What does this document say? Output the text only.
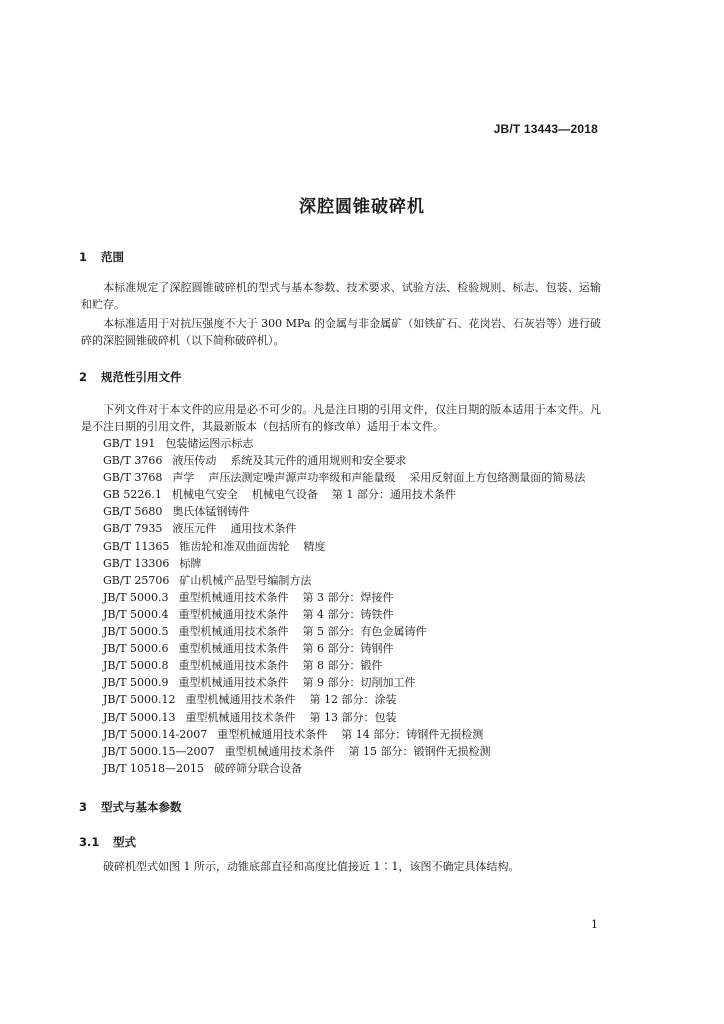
JB/T 13443—2018
深腔圆锥破碎机
1 范围
本标准规定了深腔圆锥破碎机的型式与基本参数、技术要求、试验方法、检验规则、标志、包装、运输和贮存。
本标准适用于对抗压强度不大于 300 MPa 的金属与非金属矿（如铁矿石、花岗岩、石灰岩等）进行破碎的深腔圆锥破碎机（以下简称破碎机）。
2 规范性引用文件
下列文件对于本文件的应用是必不可少的。凡是注日期的引用文件，仅注日期的版本适用于本文件。凡是不注日期的引用文件，其最新版本（包括所有的修改单）适用于本文件。
GB/T 191 包装储运图示标志
GB/T 3766 液压传动 系统及其元件的通用规则和安全要求
GB/T 3768 声学 声压法测定噪声源声功率级和声能量级 采用反射面上方包络测量面的简易法
GB 5226.1 机械电气安全 机械电气设备 第 1 部分：通用技术条件
GB/T 5680 奥氏体锰钢铸件
GB/T 7935 液压元件 通用技术条件
GB/T 11365 锥齿轮和准双曲面齿轮 精度
GB/T 13306 标牌
GB/T 25706 矿山机械产品型号编制方法
JB/T 5000.3 重型机械通用技术条件 第 3 部分：焊接件
JB/T 5000.4 重型机械通用技术条件 第 4 部分：铸铁件
JB/T 5000.5 重型机械通用技术条件 第 5 部分：有色金属铸件
JB/T 5000.6 重型机械通用技术条件 第 6 部分：铸钢件
JB/T 5000.8 重型机械通用技术条件 第 8 部分：锻件
JB/T 5000.9 重型机械通用技术条件 第 9 部分：切削加工件
JB/T 5000.12 重型机械通用技术条件 第 12 部分：涂装
JB/T 5000.13 重型机械通用技术条件 第 13 部分：包装
JB/T 5000.14-2007 重型机械通用技术条件 第 14 部分：铸钢件无损检测
JB/T 5000.15—2007 重型机械通用技术条件 第 15 部分：锻钢件无损检测
JB/T 10518—2015 破碎筛分联合设备
3 型式与基本参数
3.1 型式
破碎机型式如图 1 所示，动锥底部直径和高度比值接近 1∶1，该图不确定具体结构。
1
